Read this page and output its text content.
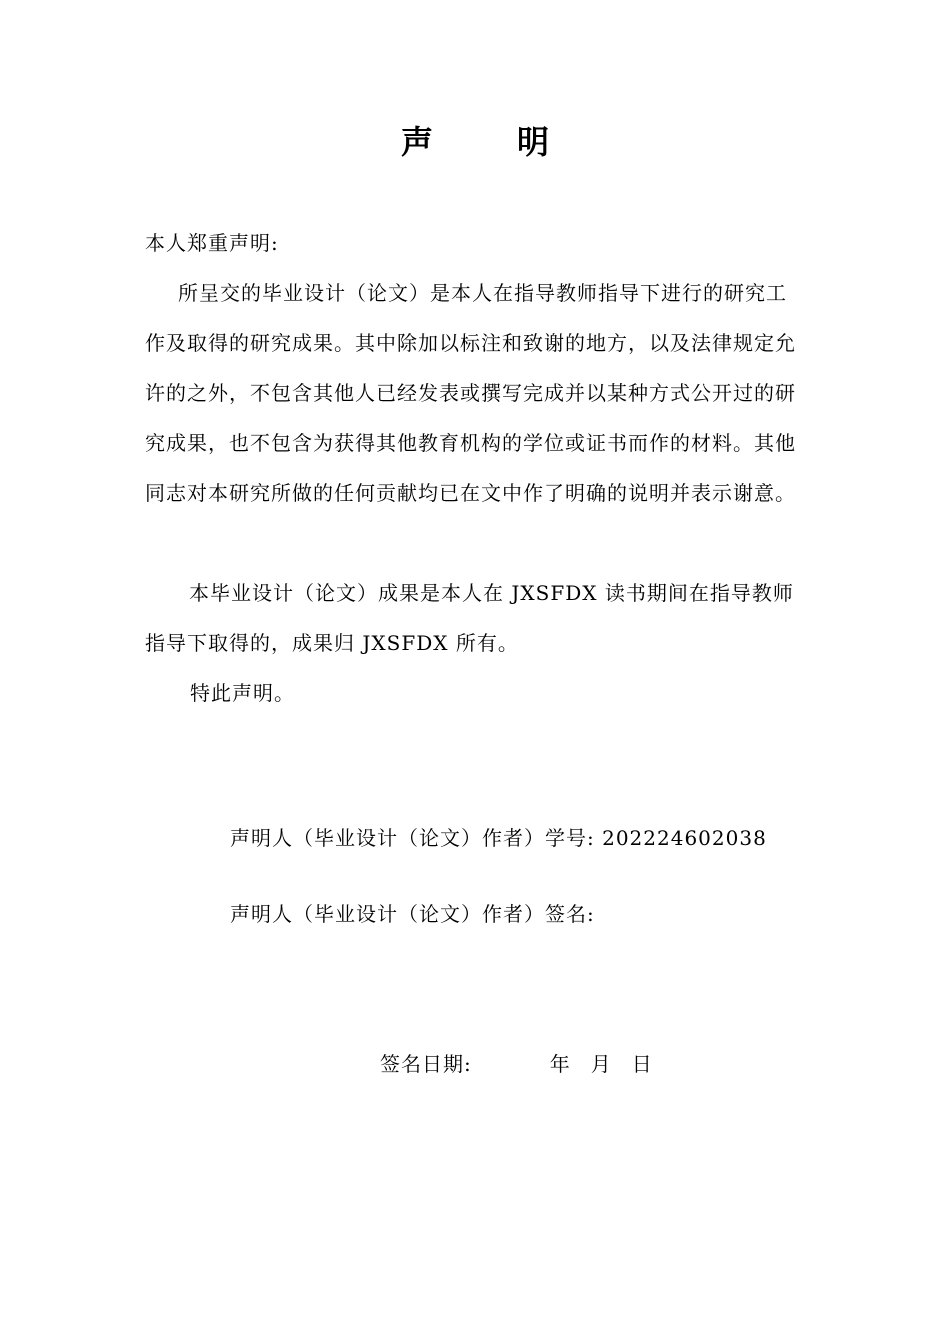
声	明
本人郑重声明:
所呈交的毕业设计（论文）是本人在指导教师指导下进行的研究工作及取得的研究成果。其中除加以标注和致谢的地方，以及法律规定允许的之外，不包含其他人已经发表或撰写完成并以某种方式公开过的研究成果，也不包含为获得其他教育机构的学位或证书而作的材料。其他同志对本研究所做的任何贡献均已在文中作了明确的说明并表示谢意。
本毕业设计（论文）成果是本人在 JXSFDX 读书期间在指导教师指导下取得的，成果归 JXSFDX 所有。
特此声明。
声明人（毕业设计（论文）作者）学号: 202224602038
声明人（毕业设计（论文）作者）签名:
签名日期:	年 月 日
